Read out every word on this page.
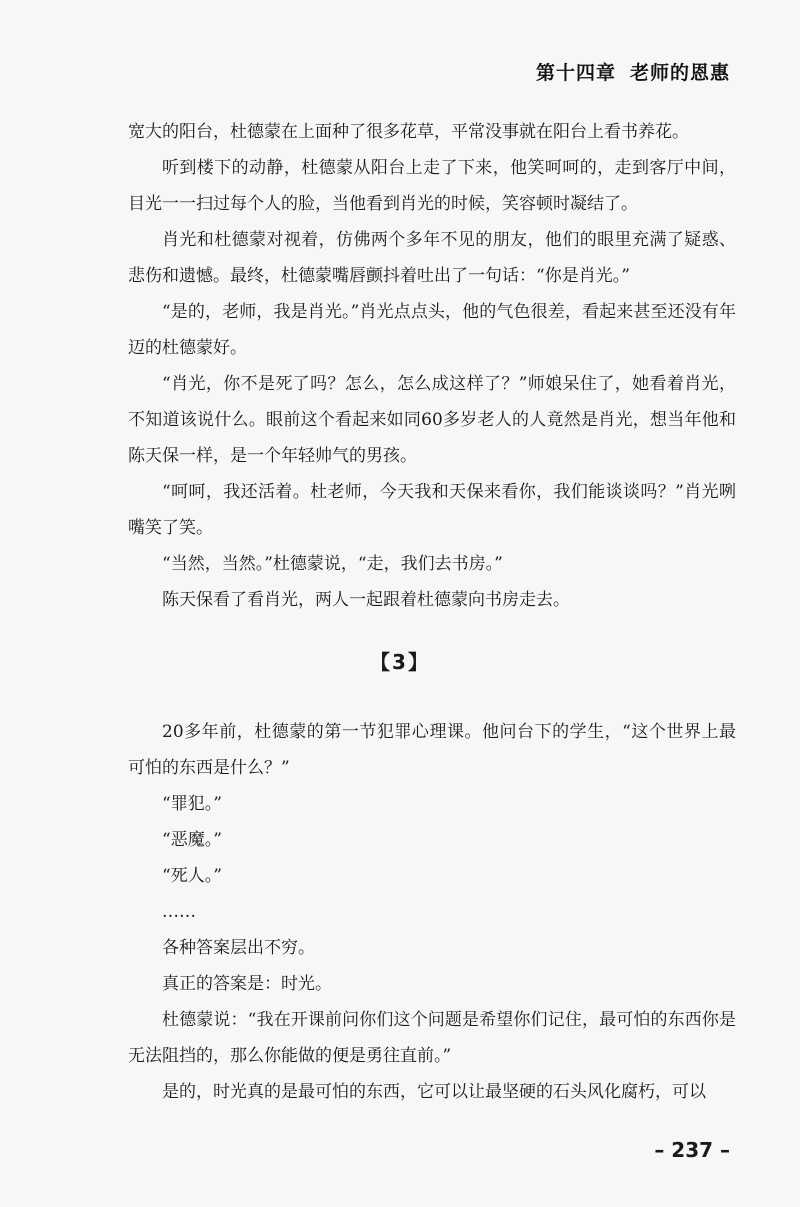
第十四章 老师的恩惠

宽大的阳台，杜德蒙在上面种了很多花草，平常没事就在阳台上看书养花。

听到楼下的动静，杜德蒙从阳台上走了下来，他笑呵呵的，走到客厅中间，目光一一扫过每个人的脸，当他看到肖光的时候，笑容顿时凝结了。

肖光和杜德蒙对视着，仿佛两个多年不见的朋友，他们的眼里充满了疑惑、悲伤和遗憾。最终，杜德蒙嘴唇颤抖着吐出了一句话：“你是肖光。”

“是的，老师，我是肖光。”肖光点点头，他的气色很差，看起来甚至还没有年迈的杜德蒙好。

“肖光，你不是死了吗？怎么，怎么成这样了？”师娘呆住了，她看着肖光，不知道该说什么。眼前这个看起来如同60多岁老人的人竟然是肖光，想当年他和陈天保一样，是一个年轻帅气的男孩。

“呵呵，我还活着。杜老师，今天我和天保来看你，我们能谈谈吗？”肖光咧嘴笑了笑。

“当然，当然。”杜德蒙说，“走，我们去书房。”

陈天保看了看肖光，两人一起跟着杜德蒙向书房走去。

【3】

20多年前，杜德蒙的第一节犯罪心理课。他问台下的学生，“这个世界上最可怕的东西是什么？”

“罪犯。”

“恶魔。”

“死人。”

……

各种答案层出不穷。

真正的答案是：时光。

杜德蒙说：“我在开课前问你们这个问题是希望你们记住，最可怕的东西你是无法阻挡的，那么你能做的便是勇往直前。”

是的，时光真的是最可怕的东西，它可以让最坚硬的石头风化腐朽，可以

– 237 –
